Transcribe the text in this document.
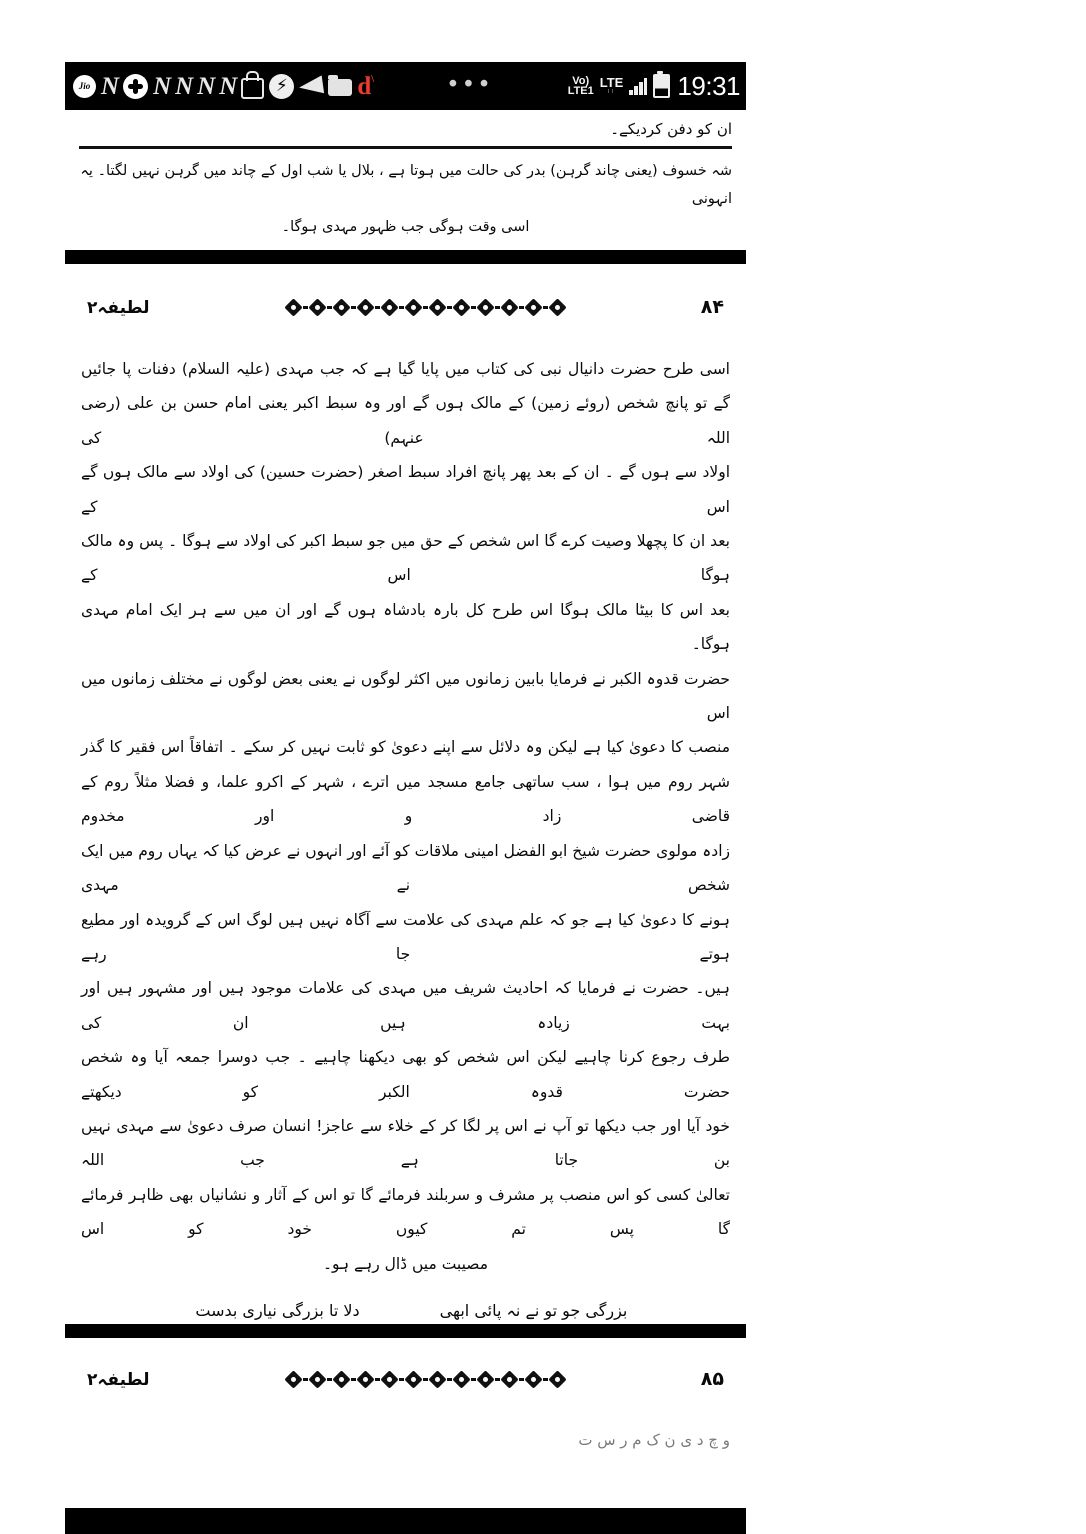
Jio N N N N N	⚡	ԁ \	•••	Vo)
LTE1
LTE
ıı 19:31
ان کو دفن کردیکے۔
شہ خسوف (یعنی چاند گرہن) بدر کی حالت میں ہوتا ہے ، بلال یا شب اول کے چاند میں گرہن نہیں لگتا۔ یہ انہونی
اسی وقت ہوگی جب ظہور مہدی ہوگا۔
لطیفہ۲	۸۴
اسی طرح حضرت دانیال نبی کی کتاب میں پایا گیا ہے کہ جب مہدی (علیہ السلام) دفنات پا جائیں
گے تو پانچ شخص (روئے زمین) کے مالک ہوں گے اور وہ سبط اکبر یعنی امام حسن بن علی (رضی اللہ عنہم) کی
اولاد سے ہوں گے ۔ ان کے بعد پھر پانچ افراد سبط اصغر (حضرت حسین) کی اولاد سے مالک ہوں گے اس کے
بعد ان کا پچھلا وصیت کرے گا اس شخص کے حق میں جو سبط اکبر کی اولاد سے ہوگا ۔ پس وہ مالک ہوگا اس کے
بعد اس کا بیٹا مالک ہوگا اس طرح کل بارہ بادشاہ ہوں گے اور ان میں سے ہر ایک امام مہدی ہوگا۔
حضرت قدوہ الکبر نے فرمایا بابین زمانوں میں اکثر لوگوں نے یعنی بعض لوگوں نے مختلف زمانوں میں اس
منصب کا دعویٰ کیا ہے لیکن وہ دلائل سے اپنے دعویٰ کو ثابت نہیں کر سکے ۔ اتفاقاً اس فقیر کا گذر
شہر روم میں ہوا ، سب ساتھی جامع مسجد میں اترے ، شہر کے اکرو علما، و فضلا مثلاً روم کے قاضی زاد و اور مخدوم
زادہ مولوی حضرت شیخ ابو الفضل امینی ملاقات کو آئے اور انہوں نے عرض کیا کہ یہاں روم میں ایک شخص نے مہدی
ہونے کا دعویٰ کیا ہے جو کہ علم مہدی کی علامت سے آگاہ نہیں ہیں لوگ اس کے گرویدہ اور مطیع ہوتے جا رہے
ہیں۔ حضرت نے فرمایا کہ احادیث شریف میں مہدی کی علامات موجود ہیں اور مشہور ہیں اور بہت زیادہ ہیں ان کی
طرف رجوع کرنا چاہیے لیکن اس شخص کو بھی دیکھنا چاہیے ۔ جب دوسرا جمعہ آیا وہ شخص حضرت قدوہ الکبر کو دیکھتے
خود آیا اور جب دیکھا تو آپ نے اس پر لگا کر کے خلاء سے عاجز! انسان صرف دعویٰ سے مہدی نہیں بن جاتا ہے جب اللہ
تعالیٰ کسی کو اس منصب پر مشرف و سربلند فرمائے گا تو اس کے آثار و نشانیاں بھی ظاہر فرمائے گا پس تم کیوں خود کو اس
مصیبت میں ڈال رہے ہو۔
بزرگی جو تو نے نہ پائی ابھی
دلا تا بزرگی نیاری بدست
لطیفہ۲	۸۵
و چ د ی ن ک م ر س ت
